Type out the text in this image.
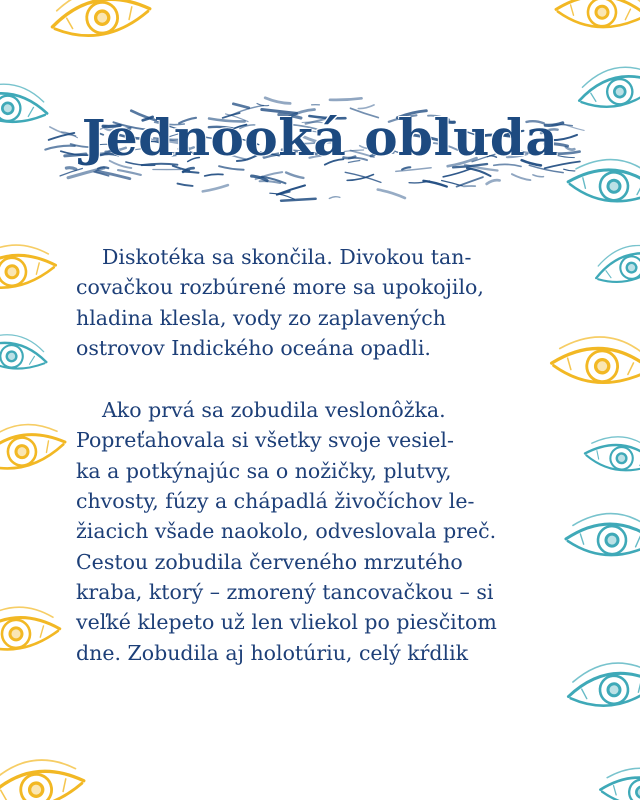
Jednooká obluda
Diskotéka sa skončila. Divokou tan-
covačkou rozbúrené more sa upokojilo,
hladina klesla, vody zo zaplavených
ostrovov Indického oceána opadli.
Ako prvá sa zobudila veslonôžka.
Popreťahovala si všetky svoje vesiel-
ka a potkýnajúc sa o nožičky, plutvy,
chvosty, fúzy a chápadlá živočíchov le-
žiacich všade naokolo, odveslovala preč.
Cestou zobudila červeného mrzutého
kraba, ktorý – zmorený tancovačkou – si
veľké klepeto už len vliekol po piesčitom
dne. Zobudila aj holotúriu, celý kŕdlik
